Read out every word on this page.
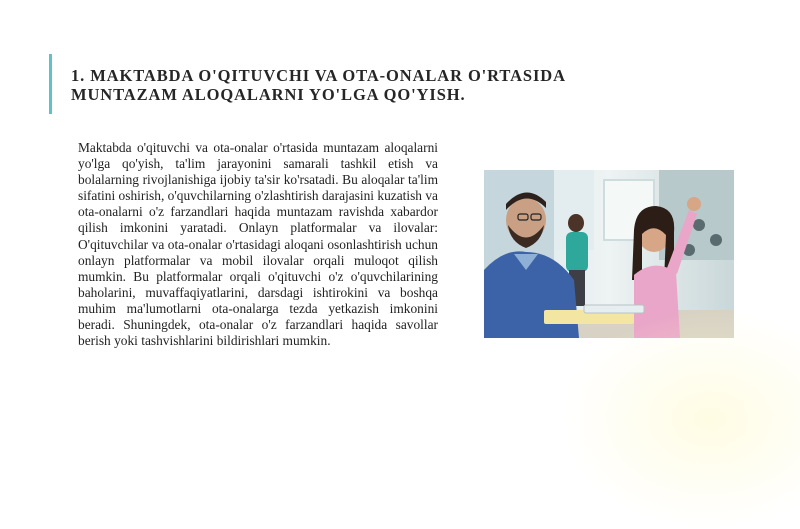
1. MAKTABDA O'QITUVCHI VA OTA-ONALAR O'RTASIDA
MUNTAZAM ALOQALARNI YO'LGA QO'YISH.

Maktabda o'qituvchi va ota-onalar o'rtasida muntazam aloqalarni yo'lga qo'yish, ta'lim jarayonini samarali tashkil etish va bolalarning rivojlanishiga ijobiy ta'sir ko'rsatadi. Bu aloqalar ta'lim sifatini oshirish, o'quvchilarning o'zlashtirish darajasini kuzatish va ota-onalarni o'z farzandlari haqida muntazam ravishda xabardor qilish imkonini yaratadi. Onlayn platformalar va ilovalar: O'qituvchilar va ota-onalar o'rtasidagi aloqani osonlashtirish uchun onlayn platformalar va mobil ilovalar orqali muloqot qilish mumkin. Bu platformalar orqali o'qituvchi o'z o'quvchilarining baholarini, muvaffaqiyatlarini, darsdagi ishtirokini va boshqa muhim ma'lumotlarni ota-onalarga tezda yetkazish imkonini beradi. Shuningdek, ota-onalar o'z farzandlari haqida savollar berish yoki tashvishlarini bildirishlari mumkin.
